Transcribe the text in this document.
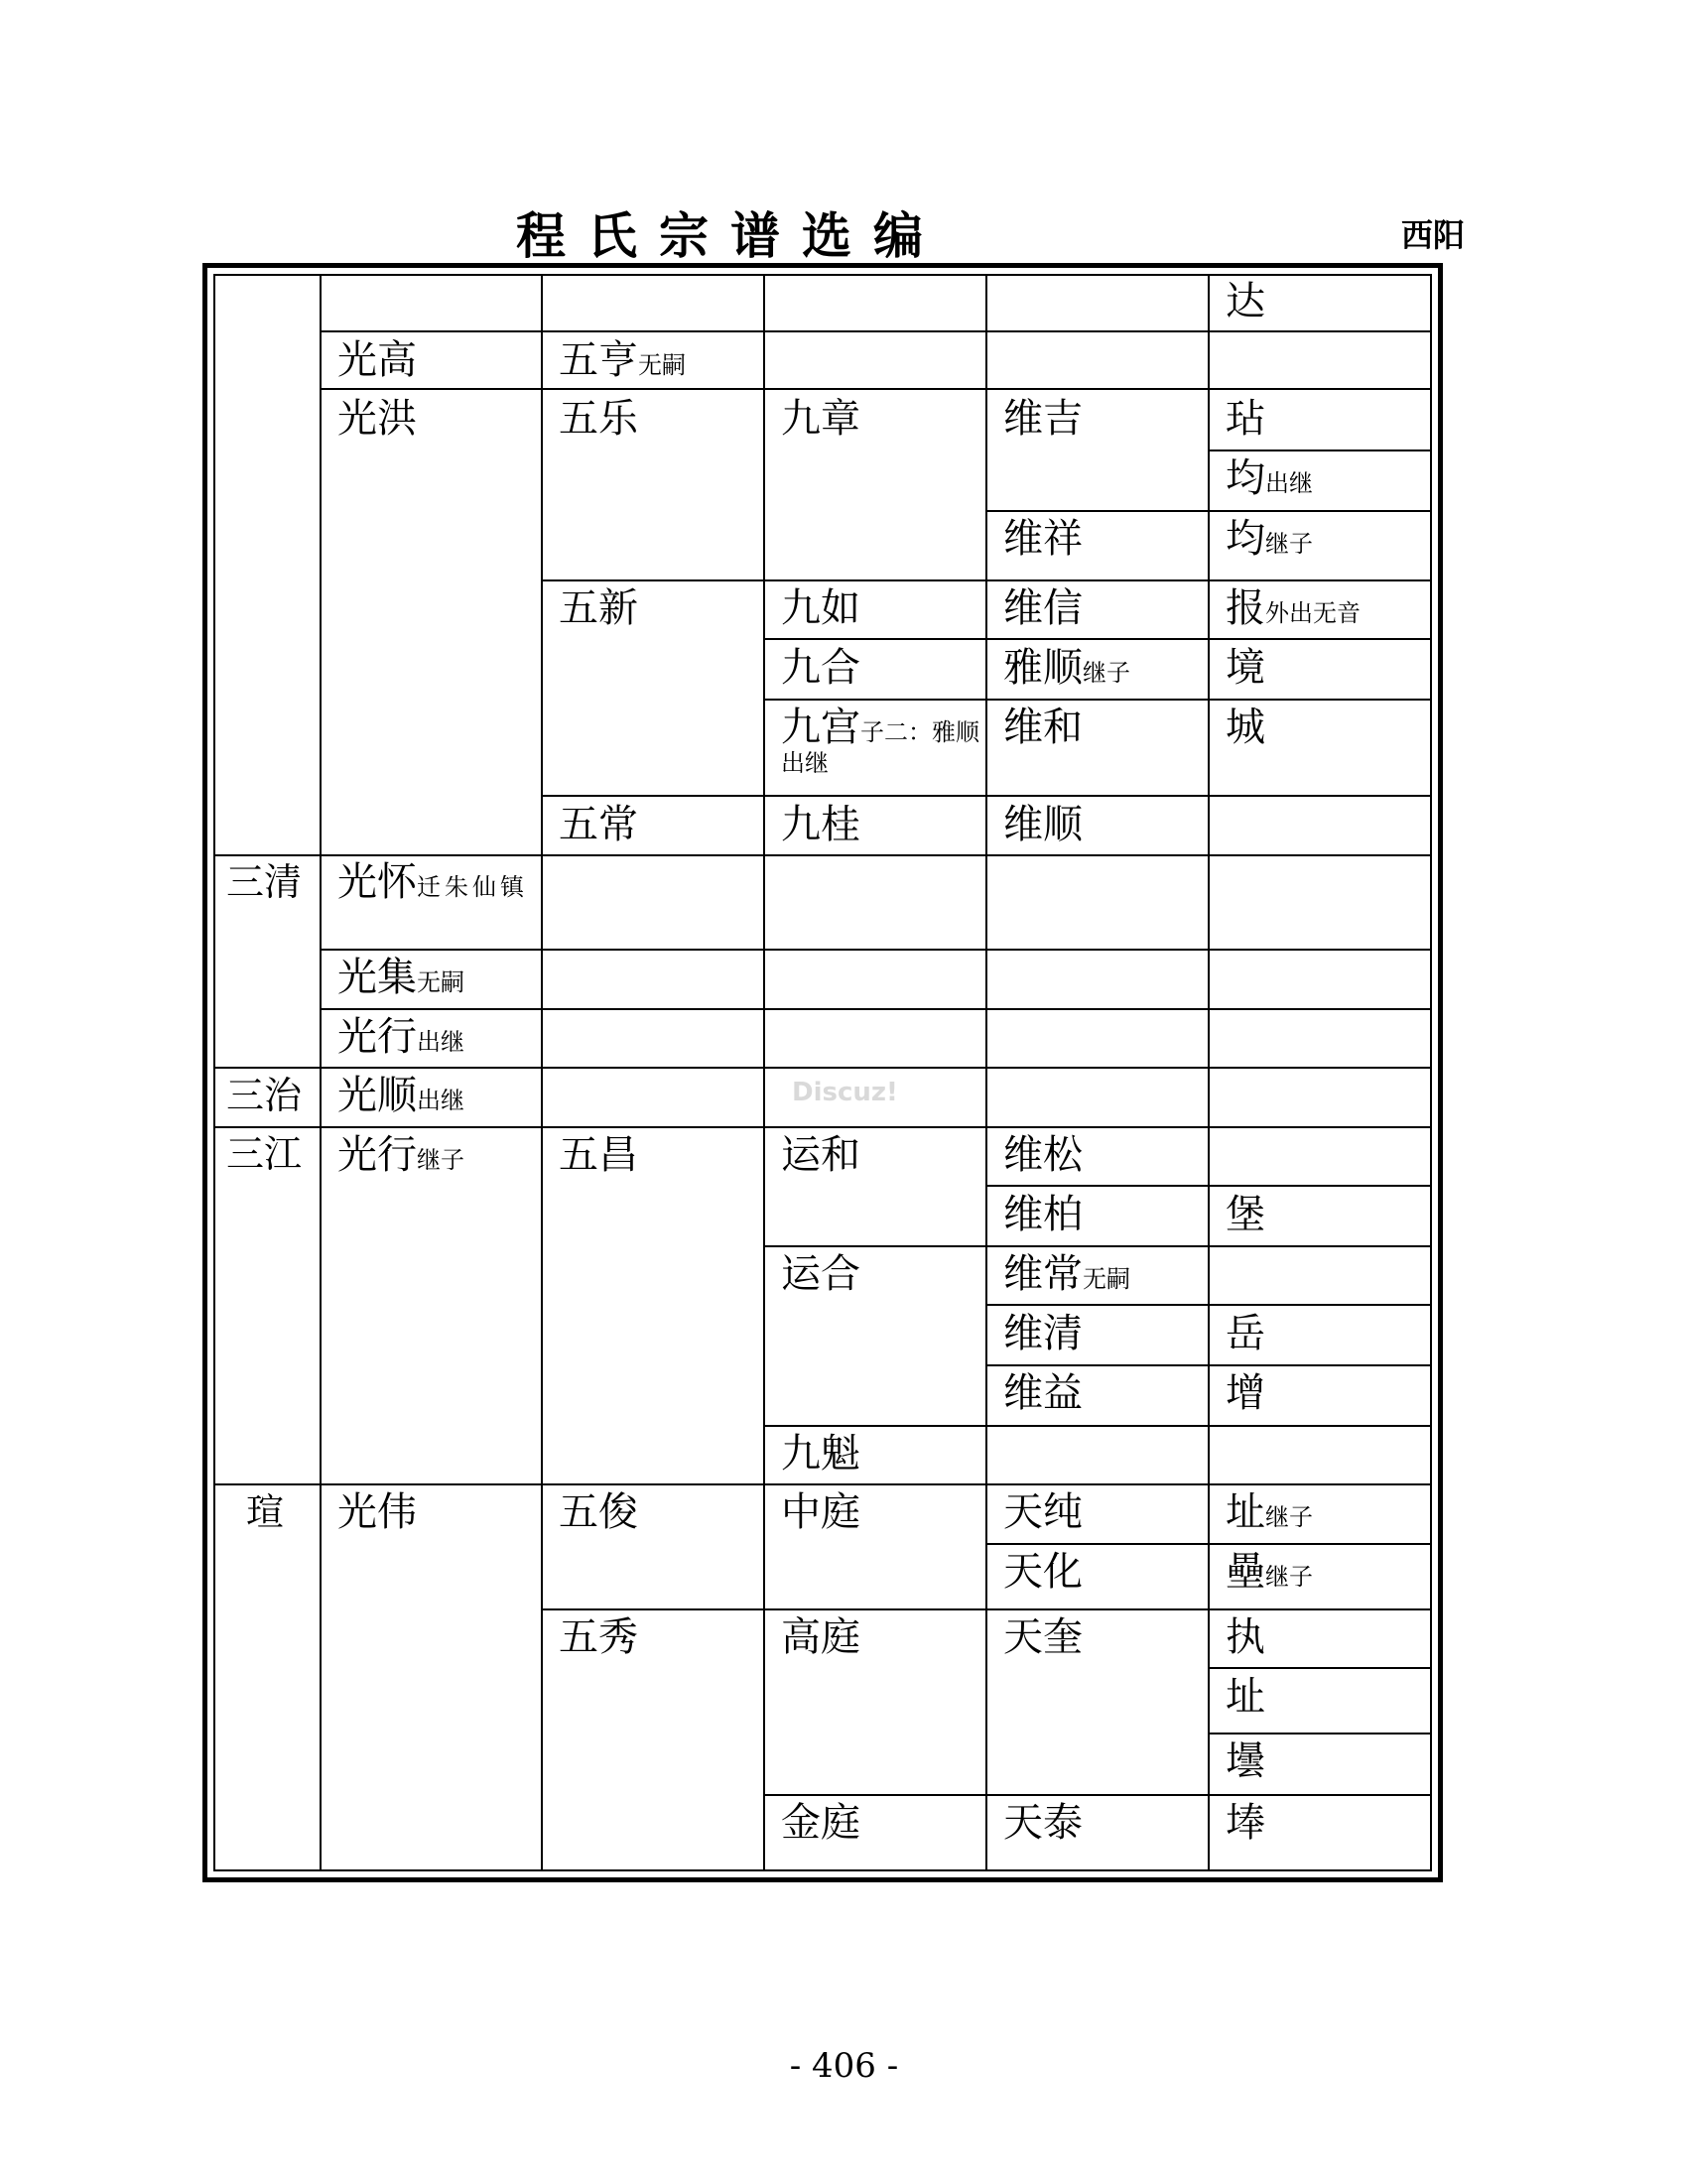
程氏宗谱选编	西阳
三清
三治
三江
瑄
光高
光洪
光怀迁朱仙镇
光集无嗣
光行出继
光顺出继
光行继子
光伟
五亨无嗣
五乐
五新
五常
五昌
五俊
五秀
九章
九如
九合
九宫子二：雅顺出继
九桂
运和
运合
九魁
中庭
高庭
金庭
维吉
维祥
维信
雅顺继子
维和
维顺
维松
维柏
维常无嗣
维清
维益
天纯
天化
天奎
天泰
达
玷
均出继
均继子
报外出无音
境
城
堡
岳
增
址继子
壘继子
执
址
壜
埲
Discuz!
- 406 -
